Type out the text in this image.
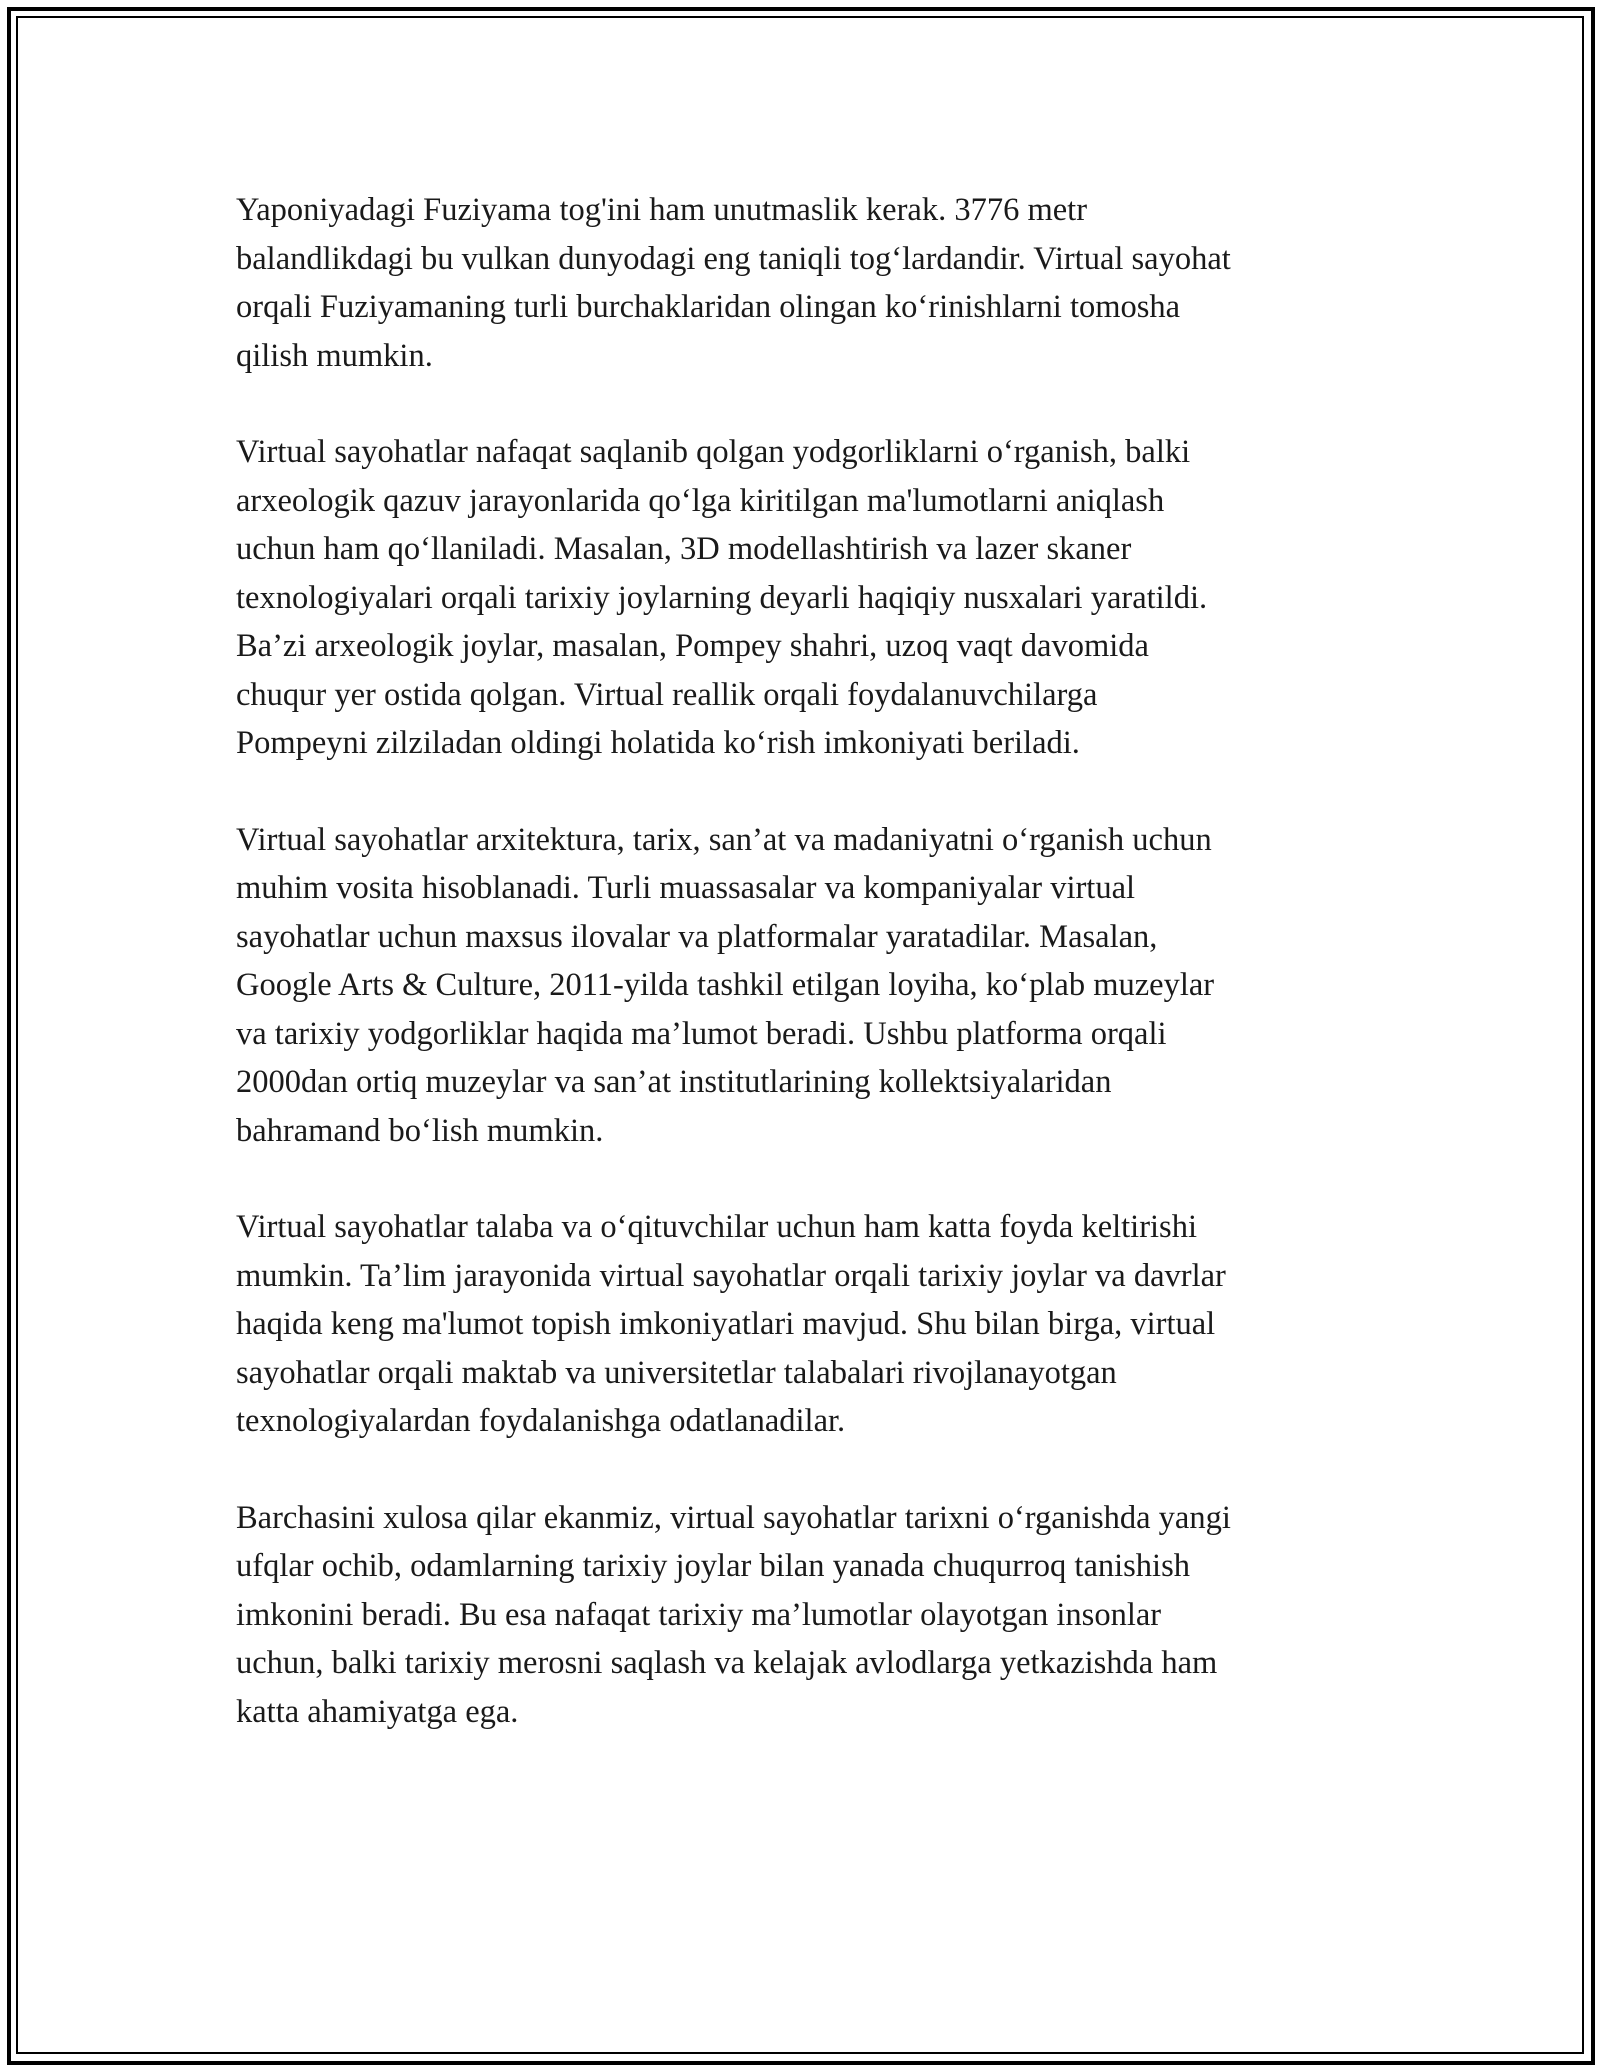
Yaponiyadagi Fuziyama tog'ini ham unutmaslik kerak. 3776 metr
balandlikdagi bu vulkan dunyodagi eng taniqli tog‘lardandir. Virtual sayohat
orqali Fuziyamaning turli burchaklaridan olingan ko‘rinishlarni tomosha
qilish mumkin.

Virtual sayohatlar nafaqat saqlanib qolgan yodgorliklarni o‘rganish, balki
arxeologik qazuv jarayonlarida qo‘lga kiritilgan ma'lumotlarni aniqlash
uchun ham qo‘llaniladi. Masalan, 3D modellashtirish va lazer skaner
texnologiyalari orqali tarixiy joylarning deyarli haqiqiy nusxalari yaratildi.
Ba’zi arxeologik joylar, masalan, Pompey shahri, uzoq vaqt davomida
chuqur yer ostida qolgan. Virtual reallik orqali foydalanuvchilarga
Pompeyni zilziladan oldingi holatida ko‘rish imkoniyati beriladi.

Virtual sayohatlar arxitektura, tarix, san’at va madaniyatni o‘rganish uchun
muhim vosita hisoblanadi. Turli muassasalar va kompaniyalar virtual
sayohatlar uchun maxsus ilovalar va platformalar yaratadilar. Masalan,
Google Arts & Culture, 2011-yilda tashkil etilgan loyiha, ko‘plab muzeylar
va tarixiy yodgorliklar haqida ma’lumot beradi. Ushbu platforma orqali
2000dan ortiq muzeylar va san’at institutlarining kollektsiyalaridan
bahramand bo‘lish mumkin.

Virtual sayohatlar talaba va o‘qituvchilar uchun ham katta foyda keltirishi
mumkin. Ta’lim jarayonida virtual sayohatlar orqali tarixiy joylar va davrlar
haqida keng ma'lumot topish imkoniyatlari mavjud. Shu bilan birga, virtual
sayohatlar orqali maktab va universitetlar talabalari rivojlanayotgan
texnologiyalardan foydalanishga odatlanadilar.

Barchasini xulosa qilar ekanmiz, virtual sayohatlar tarixni o‘rganishda yangi
ufqlar ochib, odamlarning tarixiy joylar bilan yanada chuqurroq tanishish
imkonini beradi. Bu esa nafaqat tarixiy ma’lumotlar olayotgan insonlar
uchun, balki tarixiy merosni saqlash va kelajak avlodlarga yetkazishda ham
katta ahamiyatga ega.
